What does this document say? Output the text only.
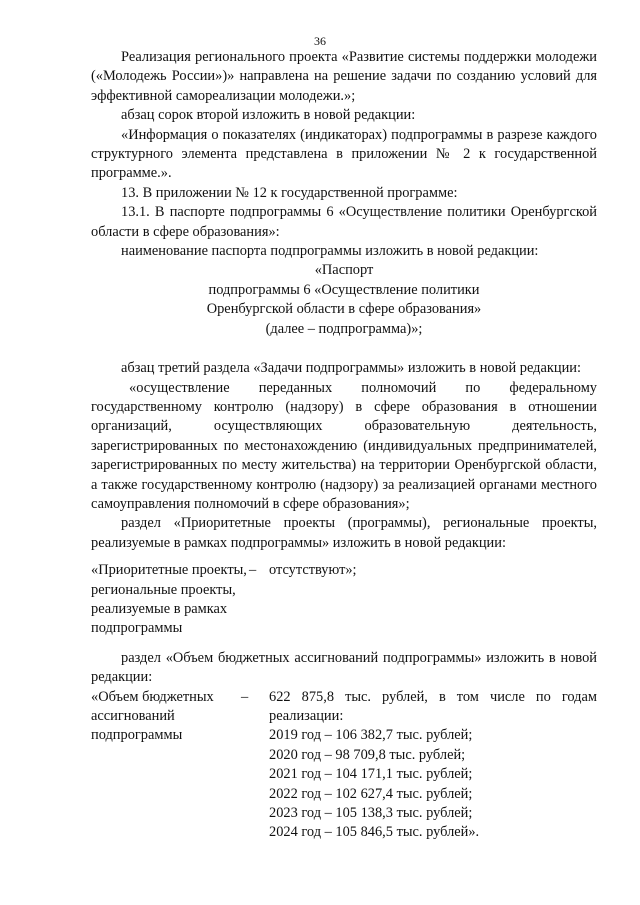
36

Реализация регионального проекта «Развитие системы поддержки молодежи («Молодежь России»)» направлена на решение задачи по созданию условий для эффективной самореализации молодежи.»;

абзац сорок второй изложить в новой редакции:

«Информация о показателях (индикаторах) подпрограммы в разрезе каждого структурного элемента представлена в приложении № 2 к государственной программе.».

13. В приложении № 12 к государственной программе:

13.1. В паспорте подпрограммы 6 «Осуществление политики Оренбургской области в сфере образования»:

наименование паспорта подпрограммы изложить в новой редакции:

«Паспорт

подпрограммы 6 «Осуществление политики

Оренбургской области в сфере образования»

(далее – подпрограмма)»;

абзац третий раздела «Задачи подпрограммы» изложить в новой редакции:

«осуществление переданных полномочий по федеральному государственному контролю (надзору) в сфере образования в отношении организаций, осуществляющих образовательную деятельность, зарегистрированных по местонахождению (индивидуальных предпринимателей, зарегистрированных по месту жительства) на территории Оренбургской области, а также государственному контролю (надзору) за реализацией органами местного самоуправления полномочий в сфере образования»;

раздел «Приоритетные проекты (программы), региональные проекты, реализуемые в рамках подпрограммы» изложить в новой редакции:

«Приоритетные проекты, региональные проекты, реализуемые в рамках подпрограммы
– отсутствуют»;

раздел «Объем бюджетных ассигнований подпрограммы» изложить в новой редакции:

«Объем бюджетных ассигнований подпрограммы
–	622 875,8 тыс. рублей, в том числе по годам реализации:
2019 год – 106 382,7 тыс. рублей;
2020 год – 98 709,8 тыс. рублей;
2021 год – 104 171,1 тыс. рублей;
2022 год – 102 627,4 тыс. рублей;
2023 год – 105 138,3 тыс. рублей;
2024 год – 105 846,5 тыс. рублей».
